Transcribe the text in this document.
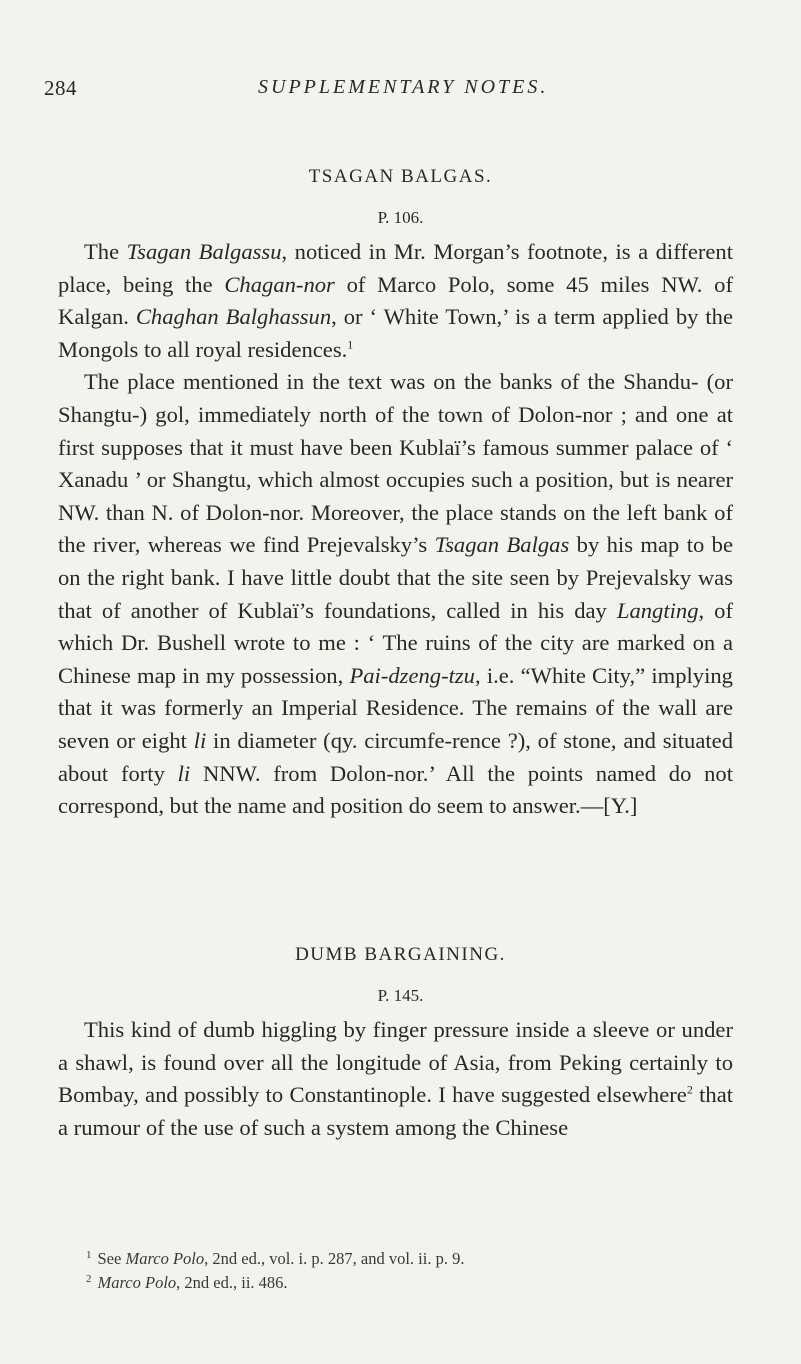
284	SUPPLEMENTARY NOTES.
TSAGAN BALGAS.
P. 106.

The Tsagan Balgassu, noticed in Mr. Morgan’s footnote, is a different place, being the Chagan-nor of Marco Polo, some 45 miles NW. of Kalgan. Chaghan Balghassun, or ‘ White Town,’ is a term applied by the Mongols to all royal residences.$^1$

The place mentioned in the text was on the banks of the Shandu- (or Shangtu-) gol, immediately north of the town of Dolon-nor ; and one at first supposes that it must have been Kublaï’s famous summer palace of ‘ Xanadu ’ or Shangtu, which almost occupies such a position, but is nearer NW. than N. of Dolon-nor. Moreover, the place stands on the left bank of the river, whereas we find Prejevalsky’s Tsagan Balgas by his map to be on the right bank. I have little doubt that the site seen by Prejevalsky was that of another of Kublaï’s foundations, called in his day Langting, of which Dr. Bushell wrote to me : ‘ The ruins of the city are marked on a Chinese map in my possession, Pai-dzeng-tzu, i.e. “White City,” implying that it was formerly an Imperial Residence. The remains of the wall are seven or eight li in diameter (qy. circumfe-rence ?), of stone, and situated about forty li NNW. from Dolon-nor.’ All the points named do not correspond, but the name and position do seem to answer.—[Y.]

DUMB BARGAINING.
P. 145.

This kind of dumb higgling by finger pressure inside a sleeve or under a shawl, is found over all the longitude of Asia, from Peking certainly to Bombay, and possibly to Constantinople. I have suggested elsewhere$^2$ that a rumour of the use of such a system among the Chinese

$^1$ See Marco Polo, 2nd ed., vol. i. p. 287, and vol. ii. p. 9.

$^2$ Marco Polo, 2nd ed., ii. 486.
